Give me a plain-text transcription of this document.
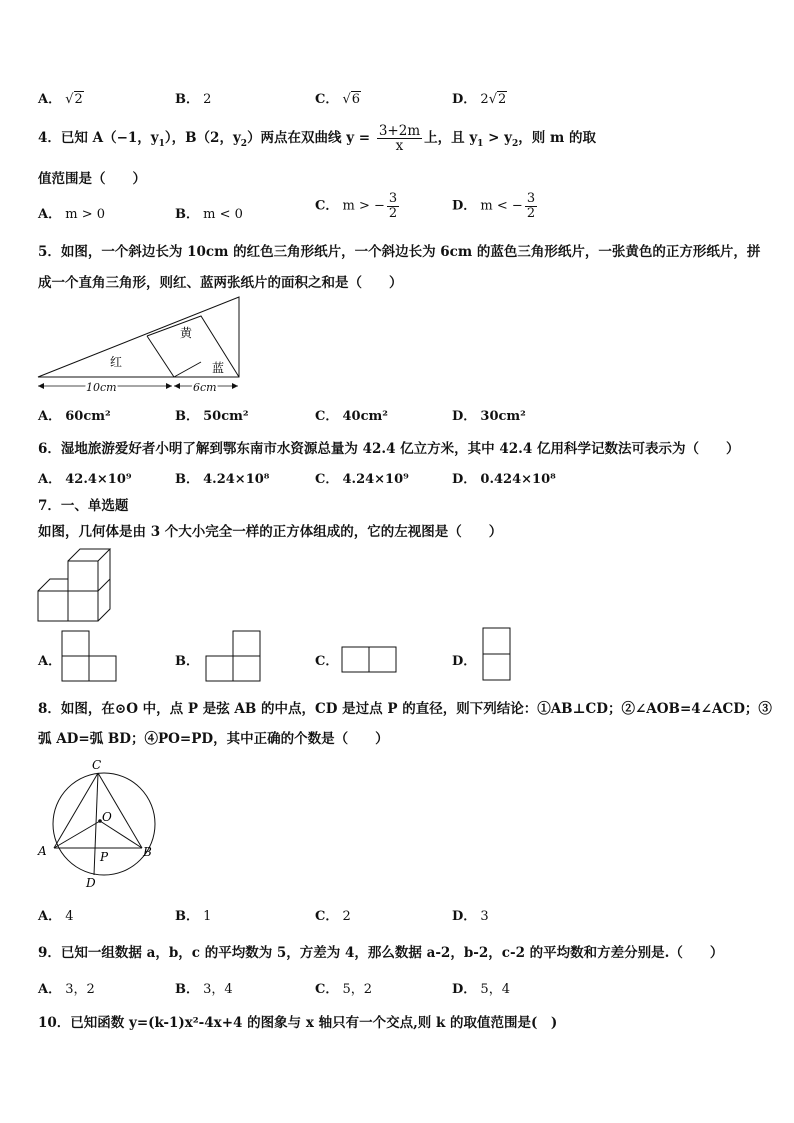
A． √2	B． 2	C． √6	D． 2√2
4．已知 A（−1，$y_1$），B（2，$y_2$）两点在双曲线 $y = \frac{3+2m}{x}$ 上，且 $y_1 > y_2$，则 m 的取
值范围是（　　）
A． m > 0	B． m < 0
C． m > − $\frac{3}{2}$	D． m < − $\frac{3}{2}$
5．如图，一个斜边长为 10cm 的红色三角形纸片，一个斜边长为 6cm 的蓝色三角形纸片，一张黄色的正方形纸片，拼
成一个直角三角形，则红、蓝两张纸片的面积之和是（　　）
黄
红	蓝
10cm	6cm
A． 60cm²	B． 50cm²	C． 40cm²	D． 30cm²
6．湿地旅游爱好者小明了解到鄂东南市水资源总量为 42.4 亿立方米，其中 42.4 亿用科学记数法可表示为（　　）
A． 42.4×10⁹	B． 4.24×10⁸	C． 4.24×10⁹	D． 0.424×10⁸
7．一、单选题
如图，几何体是由 3 个大小完全一样的正方体组成的，它的左视图是（　　）
A．	B．	C．	D．
8．如图，在⊙O 中，点 P 是弦 AB 的中点，CD 是过点 P 的直径，则下列结论：①AB⊥CD；②∠AOB=4∠ACD；③
弧 AD=弧 BD；④PO=PD，其中正确的个数是（　　）
C
O
A	P	B
D
A． 4	B． 1	C． 2	D． 3
9．已知一组数据 a，b，c 的平均数为 5，方差为 4，那么数据 a-2，b-2，c-2 的平均数和方差分别是.（　　）
A． 3，2	B． 3，4	C． 5，2	D． 5，4
10．已知函数 y=(k-1)x²-4x+4 的图象与 x 轴只有一个交点,则 k 的取值范围是(　)
